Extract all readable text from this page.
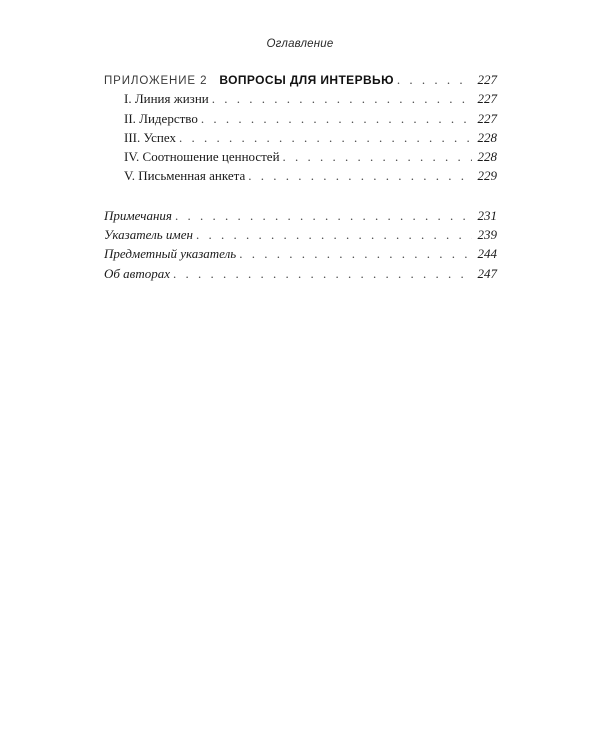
Оглавление
ПРИЛОЖЕНИЕ 2 ВОПРОСЫ ДЛЯ ИНТЕРВЬЮ . . .	227
I. Линия жизни . . .	227
II. Лидерство . . .	227
III. Успех . . .	228
IV. Соотношение ценностей . . .	228
V. Письменная анкета . . .	229
Примечания . . .	231
Указатель имен . . .	239
Предметный указатель . . .	244
Об авторах . . .	247
